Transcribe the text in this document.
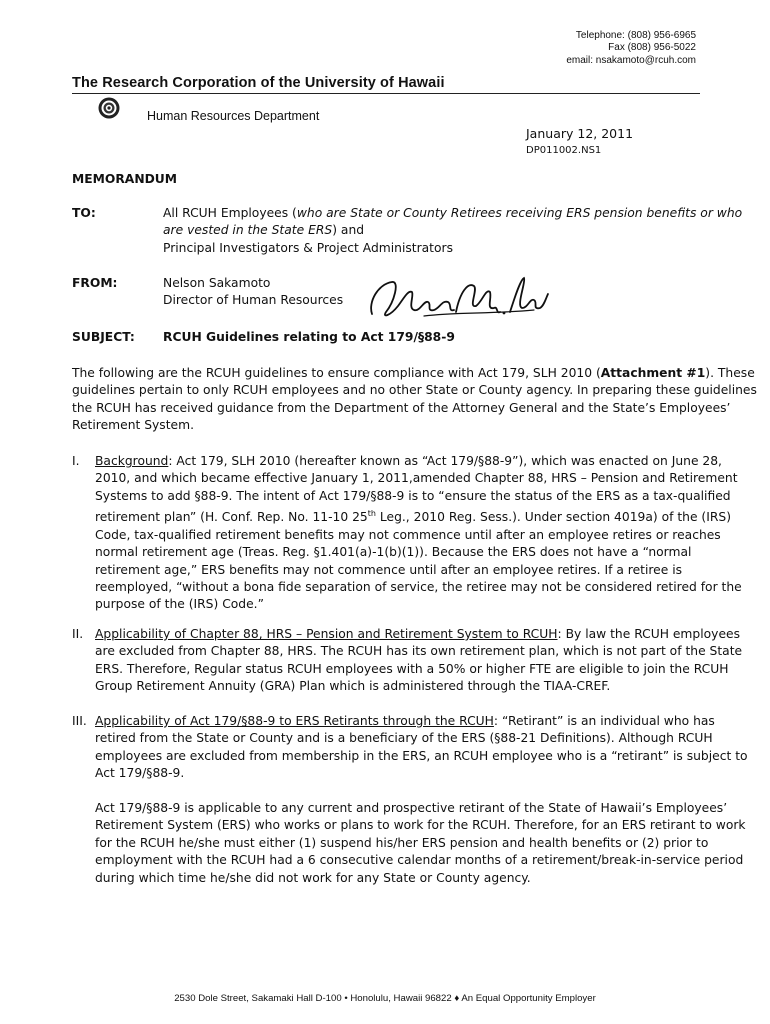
Telephone: (808) 956-6965
Fax (808) 956-5022
email: nsakamoto@rcuh.com
The Research Corporation of the University of Hawaii
Human Resources Department
January 12, 2011
DP011002.NS1
MEMORANDUM
TO:	All RCUH Employees (who are State or County Retirees receiving ERS pension benefits or who
are vested in the State ERS) and
Principal Investigators & Project Administrators
FROM:	Nelson Sakamoto
Director of Human Resources
SUBJECT: RCUH Guidelines relating to Act 179/§88-9
The following are the RCUH guidelines to ensure compliance with Act 179, SLH 2010 (Attachment #1). These
guidelines pertain to only RCUH employees and no other State or County agency. In preparing these guidelines
the RCUH has received guidance from the Department of the Attorney General and the State’s Employees’
Retirement System.
I.	Background: Act 179, SLH 2010 (hereafter known as “Act 179/§88-9”), which was enacted on June 28,
2010, and which became effective January 1, 2011,amended Chapter 88, HRS – Pension and Retirement
Systems to add §88-9. The intent of Act 179/§88-9 is to “ensure the status of the ERS as a tax-qualified
retirement plan” (H. Conf. Rep. No. 11-10 25th Leg., 2010 Reg. Sess.). Under section 4019a) of the (IRS)
Code, tax-qualified retirement benefits may not commence until after an employee retires or reaches
normal retirement age (Treas. Reg. §1.401(a)-1(b)(1)). Because the ERS does not have a “normal
retirement age,” ERS benefits may not commence until after an employee retires. If a retiree is
reemployed, “without a bona fide separation of service, the retiree may not be considered retired for the
purpose of the (IRS) Code.”
II. Applicability of Chapter 88, HRS – Pension and Retirement System to RCUH: By law the RCUH employees
are excluded from Chapter 88, HRS. The RCUH has its own retirement plan, which is not part of the State
ERS. Therefore, Regular status RCUH employees with a 50% or higher FTE are eligible to join the RCUH
Group Retirement Annuity (GRA) Plan which is administered through the TIAA-CREF.
III. Applicability of Act 179/§88-9 to ERS Retirants through the RCUH: “Retirant” is an individual who has
retired from the State or County and is a beneficiary of the ERS (§88-21 Definitions). Although RCUH
employees are excluded from membership in the ERS, an RCUH employee who is a “retirant” is subject to
Act 179/§88-9.
Act 179/§88-9 is applicable to any current and prospective retirant of the State of Hawaii’s Employees’
Retirement System (ERS) who works or plans to work for the RCUH. Therefore, for an ERS retirant to work
for the RCUH he/she must either (1) suspend his/her ERS pension and health benefits or (2) prior to
employment with the RCUH had a 6 consecutive calendar months of a retirement/break-in-service period
during which time he/she did not work for any State or County agency.
2530 Dole Street, Sakamaki Hall D-100 • Honolulu, Hawaii 96822 ♦ An Equal Opportunity Employer
